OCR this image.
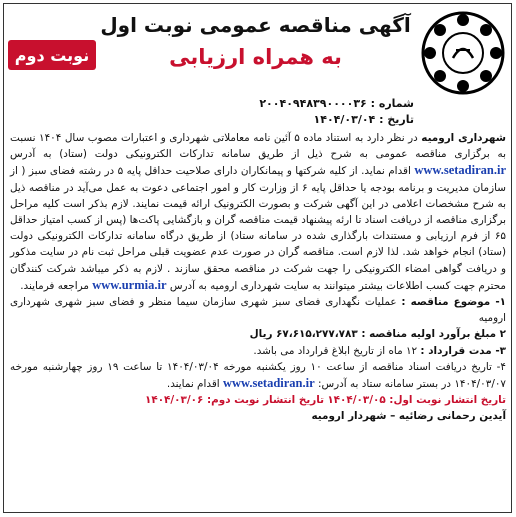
آگهی مناقصه عمومی نوبت اول
به همراه ارزیابی
نوبت دوم
شماره : ۲۰۰۴۰۹۴۸۳۹۰۰۰۰۳۶
تاریخ : ۱۴۰۴/۰۳/۰۴

شهرداری ارومیه در نظر دارد به استناد ماده ۵ آئین نامه معاملاتی شهرداری و اعتبارات مصوب سال ۱۴۰۴ نسبت به برگزاری مناقصه عمومی به شرح ذیل از طریق سامانه تدارکات الکترونیکی دولت (ستاد) به آدرس www.setadiran.ir اقدام نماید. از کلیه شرکتها و پیمانکاران دارای صلاحیت حداقل پایه ۵ در رشته فضای سبز ( از سازمان مدیریت و برنامه بودجه یا حداقل پایه ۶ از وزارت کار و امور اجتماعی دعوت به عمل می‌آید در مناقصه ذیل به شرح مشخصات اعلامی در این آگهی شرکت و بصورت الکترونیک ارائه قیمت نمایند. لازم بذکر است کلیه مراحل برگزاری مناقصه از دریافت اسناد تا ارئه پیشنهاد قیمت مناقصه گران و بازگشایی پاکت‌ها (پس از کسب امتیاز حداقل ۶۵ از فرم ارزیابی و مستندات بارگذاری شده در سامانه ستاد) از طریق درگاه سامانه تدارکات الکترونیکی دولت (ستاد) انجام خواهد شد. لذا لازم است. مناقصه گران در صورت عدم عضویت قبلی مراحل ثبت نام در سایت مذکور و دریافت گواهی امضاء الکترونیکی را جهت شرکت در مناقصه محقق سازند . لازم به ذکر میباشد شرکت کنندگان محترم جهت کسب اطلاعات بیشتر میتوانند به سایت شهرداری ارومیه به آدرس www.urmia.ir مراجعه فرمایند.

۱- موضوع مناقصه : عملیات نگهداری فضای سبز شهری سازمان سیما منظر و فضای سبز شهری شهرداری ارومیه

۲ مبلغ برآورد اولیه مناقصه : ۶۷،۶۱۵،۲۷۷،۷۸۳ ریال

۳- مدت قرارداد : ۱۲ ماه از تاریخ ابلاغ قرارداد می باشد.

۴- تاریخ دریافت اسناد مناقصه از ساعت ۱۰ روز یکشنبه مورخه ۱۴۰۴/۰۳/۰۴ تا ساعت ۱۹ روز چهارشنبه مورخه ۱۴۰۴/۰۳/۰۷ در بستر سامانه ستاد به آدرس: www.setadiran.ir اقدام نمایند.

تاریخ انتشار نوبت اول: ۱۴۰۴/۰۳/۰۵ تاریخ انتشار نوبت دوم: ۱۴۰۴/۰۳/۰۶

آیدین رحمانی رضائیه – شهردار ارومیه
